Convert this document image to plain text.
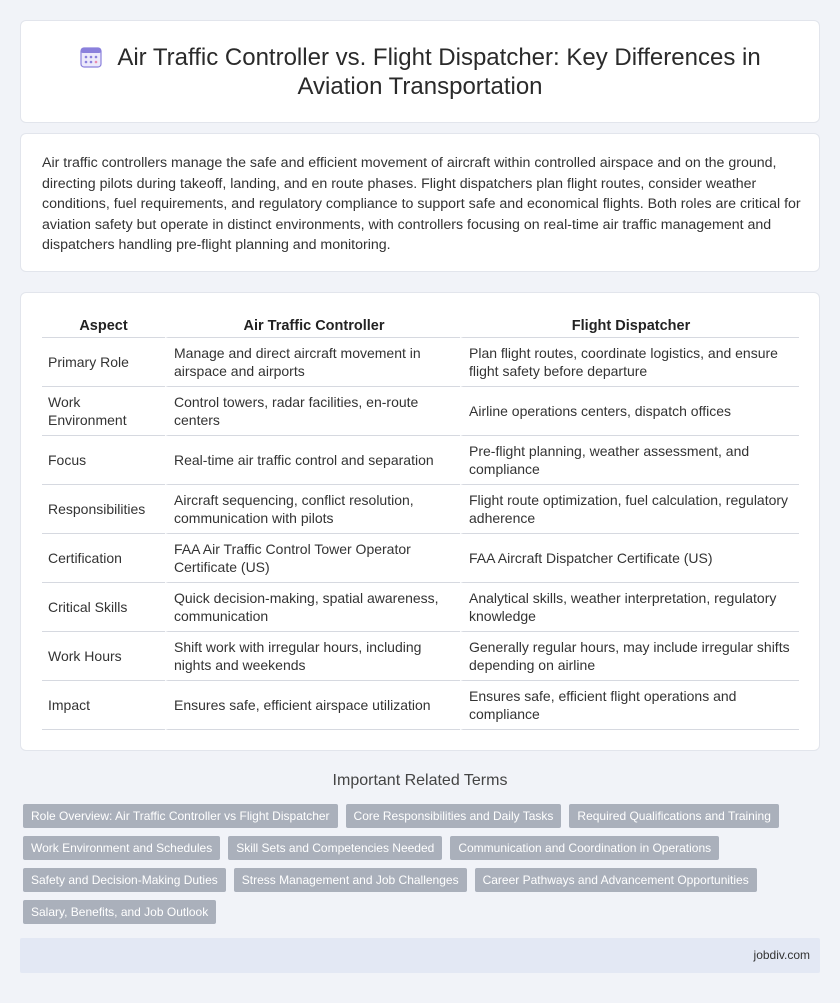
Air Traffic Controller vs. Flight Dispatcher: Key Differences in Aviation Transportation

Air traffic controllers manage the safe and efficient movement of aircraft within controlled airspace and on the ground, directing pilots during takeoff, landing, and en route phases. Flight dispatchers plan flight routes, consider weather conditions, fuel requirements, and regulatory compliance to support safe and economical flights. Both roles are critical for aviation safety but operate in distinct environments, with controllers focusing on real-time air traffic management and dispatchers handling pre-flight planning and monitoring.

Aspect	Air Traffic Controller	Flight Dispatcher
Primary Role	Manage and direct aircraft movement in airspace and airports	Plan flight routes, coordinate logistics, and ensure flight safety before departure
Work Environment	Control towers, radar facilities, en-route centers	Airline operations centers, dispatch offices
Focus	Real-time air traffic control and separation	Pre-flight planning, weather assessment, and compliance
Responsibilities	Aircraft sequencing, conflict resolution, communication with pilots	Flight route optimization, fuel calculation, regulatory adherence
Certification	FAA Air Traffic Control Tower Operator Certificate (US)	FAA Aircraft Dispatcher Certificate (US)
Critical Skills	Quick decision-making, spatial awareness, communication	Analytical skills, weather interpretation, regulatory knowledge
Work Hours	Shift work with irregular hours, including nights and weekends	Generally regular hours, may include irregular shifts depending on airline
Impact	Ensures safe, efficient airspace utilization	Ensures safe, efficient flight operations and compliance
Important Related Terms
Role Overview: Air Traffic Controller vs Flight Dispatcher	Core Responsibilities and Daily Tasks	Required Qualifications and Training
Work Environment and Schedules	Skill Sets and Competencies Needed	Communication and Coordination in Operations
Safety and Decision-Making Duties	Stress Management and Job Challenges	Career Pathways and Advancement Opportunities
Salary, Benefits, and Job Outlook
jobdiv.com
